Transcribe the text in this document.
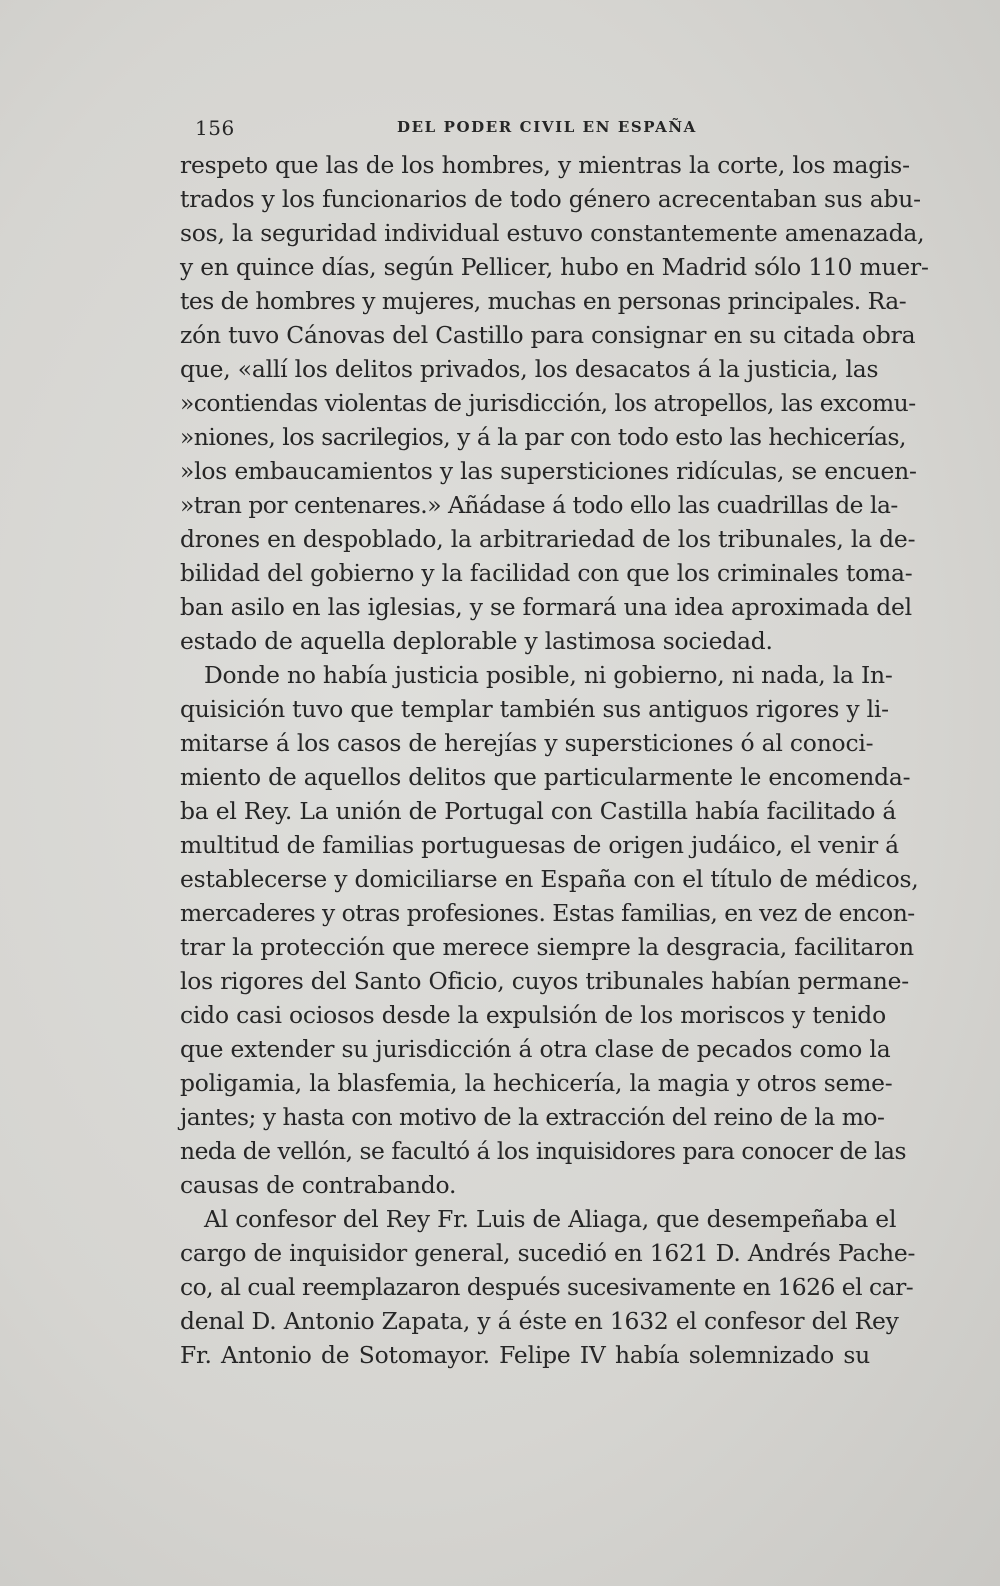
156	DEL PODER CIVIL EN ESPAÑA
respeto que las de los hombres, y mientras la corte, los magis-
trados y los funcionarios de todo género acrecentaban sus abu-
sos, la seguridad individual estuvo constantemente amenazada,
y en quince días, según Pellicer, hubo en Madrid sólo 110 muer-
tes de hombres y mujeres, muchas en personas principales. Ra-
zón tuvo Cánovas del Castillo para consignar en su citada obra
que, «allí los delitos privados, los desacatos á la justicia, las
»contiendas violentas de jurisdicción, los atropellos, las excomu-
»niones, los sacrilegios, y á la par con todo esto las hechicerías,
»los embaucamientos y las supersticiones ridículas, se encuen-
»tran por centenares.» Añádase á todo ello las cuadrillas de la-
drones en despoblado, la arbitrariedad de los tribunales, la de-
bilidad del gobierno y la facilidad con que los criminales toma-
ban asilo en las iglesias, y se formará una idea aproximada del
estado de aquella deplorable y lastimosa sociedad.
Donde no había justicia posible, ni gobierno, ni nada, la In-
quisición tuvo que templar también sus antiguos rigores y li-
mitarse á los casos de herejías y supersticiones ó al conoci-
miento de aquellos delitos que particularmente le encomenda-
ba el Rey. La unión de Portugal con Castilla había facilitado á
multitud de familias portuguesas de origen judáico, el venir á
establecerse y domiciliarse en España con el título de médicos,
mercaderes y otras profesiones. Estas familias, en vez de encon-
trar la protección que merece siempre la desgracia, facilitaron
los rigores del Santo Oficio, cuyos tribunales habían permane-
cido casi ociosos desde la expulsión de los moriscos y tenido
que extender su jurisdicción á otra clase de pecados como la
poligamia, la blasfemia, la hechicería, la magia y otros seme-
jantes; y hasta con motivo de la extracción del reino de la mo-
neda de vellón, se facultó á los inquisidores para conocer de las
causas de contrabando.
Al confesor del Rey Fr. Luis de Aliaga, que desempeñaba el
cargo de inquisidor general, sucedió en 1621 D. Andrés Pache-
co, al cual reemplazaron después sucesivamente en 1626 el car-
denal D. Antonio Zapata, y á éste en 1632 el confesor del Rey
Fr. Antonio de Sotomayor. Felipe IV había solemnizado su
